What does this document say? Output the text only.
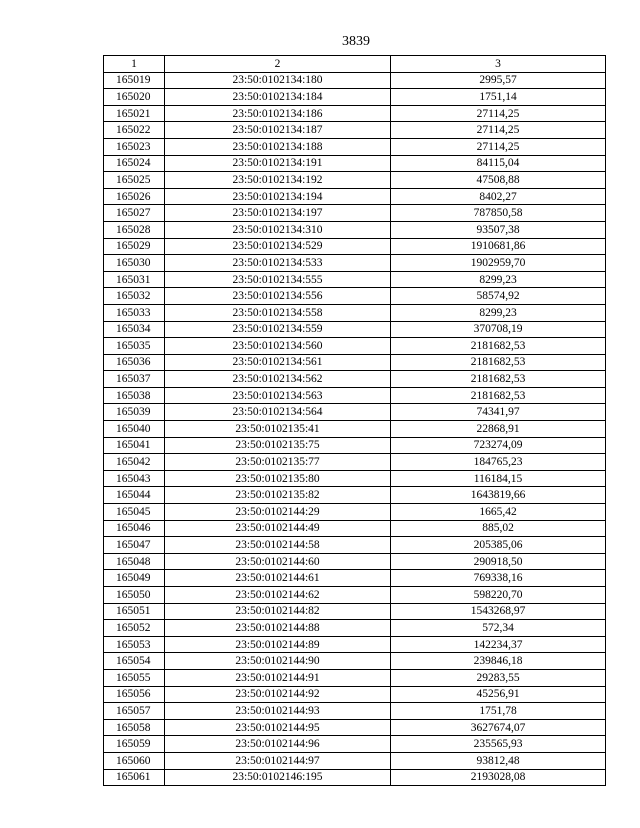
3839
1	2	3
165019	23:50:0102134:180	2995,57
165020	23:50:0102134:184	1751,14
165021	23:50:0102134:186	27114,25
165022	23:50:0102134:187	27114,25
165023	23:50:0102134:188	27114,25
165024	23:50:0102134:191	84115,04
165025	23:50:0102134:192	47508,88
165026	23:50:0102134:194	8402,27
165027	23:50:0102134:197	787850,58
165028	23:50:0102134:310	93507,38
165029	23:50:0102134:529	1910681,86
165030	23:50:0102134:533	1902959,70
165031	23:50:0102134:555	8299,23
165032	23:50:0102134:556	58574,92
165033	23:50:0102134:558	8299,23
165034	23:50:0102134:559	370708,19
165035	23:50:0102134:560	2181682,53
165036	23:50:0102134:561	2181682,53
165037	23:50:0102134:562	2181682,53
165038	23:50:0102134:563	2181682,53
165039	23:50:0102134:564	74341,97
165040	23:50:0102135:41	22868,91
165041	23:50:0102135:75	723274,09
165042	23:50:0102135:77	184765,23
165043	23:50:0102135:80	116184,15
165044	23:50:0102135:82	1643819,66
165045	23:50:0102144:29	1665,42
165046	23:50:0102144:49	885,02
165047	23:50:0102144:58	205385,06
165048	23:50:0102144:60	290918,50
165049	23:50:0102144:61	769338,16
165050	23:50:0102144:62	598220,70
165051	23:50:0102144:82	1543268,97
165052	23:50:0102144:88	572,34
165053	23:50:0102144:89	142234,37
165054	23:50:0102144:90	239846,18
165055	23:50:0102144:91	29283,55
165056	23:50:0102144:92	45256,91
165057	23:50:0102144:93	1751,78
165058	23:50:0102144:95	3627674,07
165059	23:50:0102144:96	235565,93
165060	23:50:0102144:97	93812,48
165061	23:50:0102146:195	2193028,08
